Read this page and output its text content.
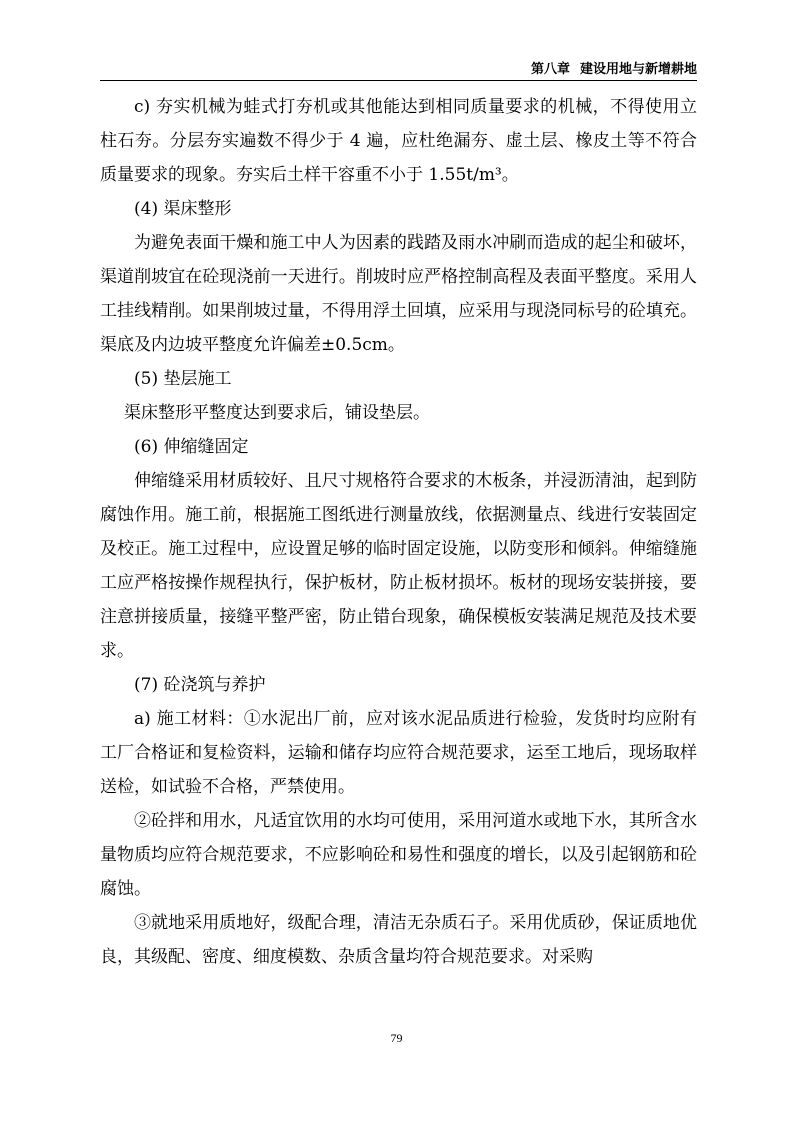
第八章 建设用地与新增耕地

c) 夯实机械为蛙式打夯机或其他能达到相同质量要求的机械，不得使用立柱石夯。分层夯实遍数不得少于 4 遍，应杜绝漏夯、虚土层、橡皮土等不符合质量要求的现象。夯实后土样干容重不小于 1.55t/m³。

(4) 渠床整形

为避免表面干燥和施工中人为因素的践踏及雨水冲刷而造成的起尘和破坏，渠道削坡宜在砼现浇前一天进行。削坡时应严格控制高程及表面平整度。采用人工挂线精削。如果削坡过量，不得用浮土回填，应采用与现浇同标号的砼填充。渠底及内边坡平整度允许偏差±0.5cm。

(5) 垫层施工

渠床整形平整度达到要求后，铺设垫层。

(6) 伸缩缝固定

伸缩缝采用材质较好、且尺寸规格符合要求的木板条，并浸沥清油，起到防腐蚀作用。施工前，根据施工图纸进行测量放线，依据测量点、线进行安装固定及校正。施工过程中，应设置足够的临时固定设施，以防变形和倾斜。伸缩缝施工应严格按操作规程执行，保护板材，防止板材损坏。板材的现场安装拼接，要注意拼接质量，接缝平整严密，防止错台现象，确保模板安装满足规范及技术要求。

(7) 砼浇筑与养护

a) 施工材料：①水泥出厂前，应对该水泥品质进行检验，发货时均应附有工厂合格证和复检资料，运输和储存均应符合规范要求，运至工地后，现场取样送检，如试验不合格，严禁使用。

②砼拌和用水，凡适宜饮用的水均可使用，采用河道水或地下水，其所含水量物质均应符合规范要求，不应影响砼和易性和强度的增长，以及引起钢筋和砼腐蚀。

③就地采用质地好，级配合理，清洁无杂质石子。采用优质砂，保证质地优良，其级配、密度、细度模数、杂质含量均符合规范要求。对采购

79
